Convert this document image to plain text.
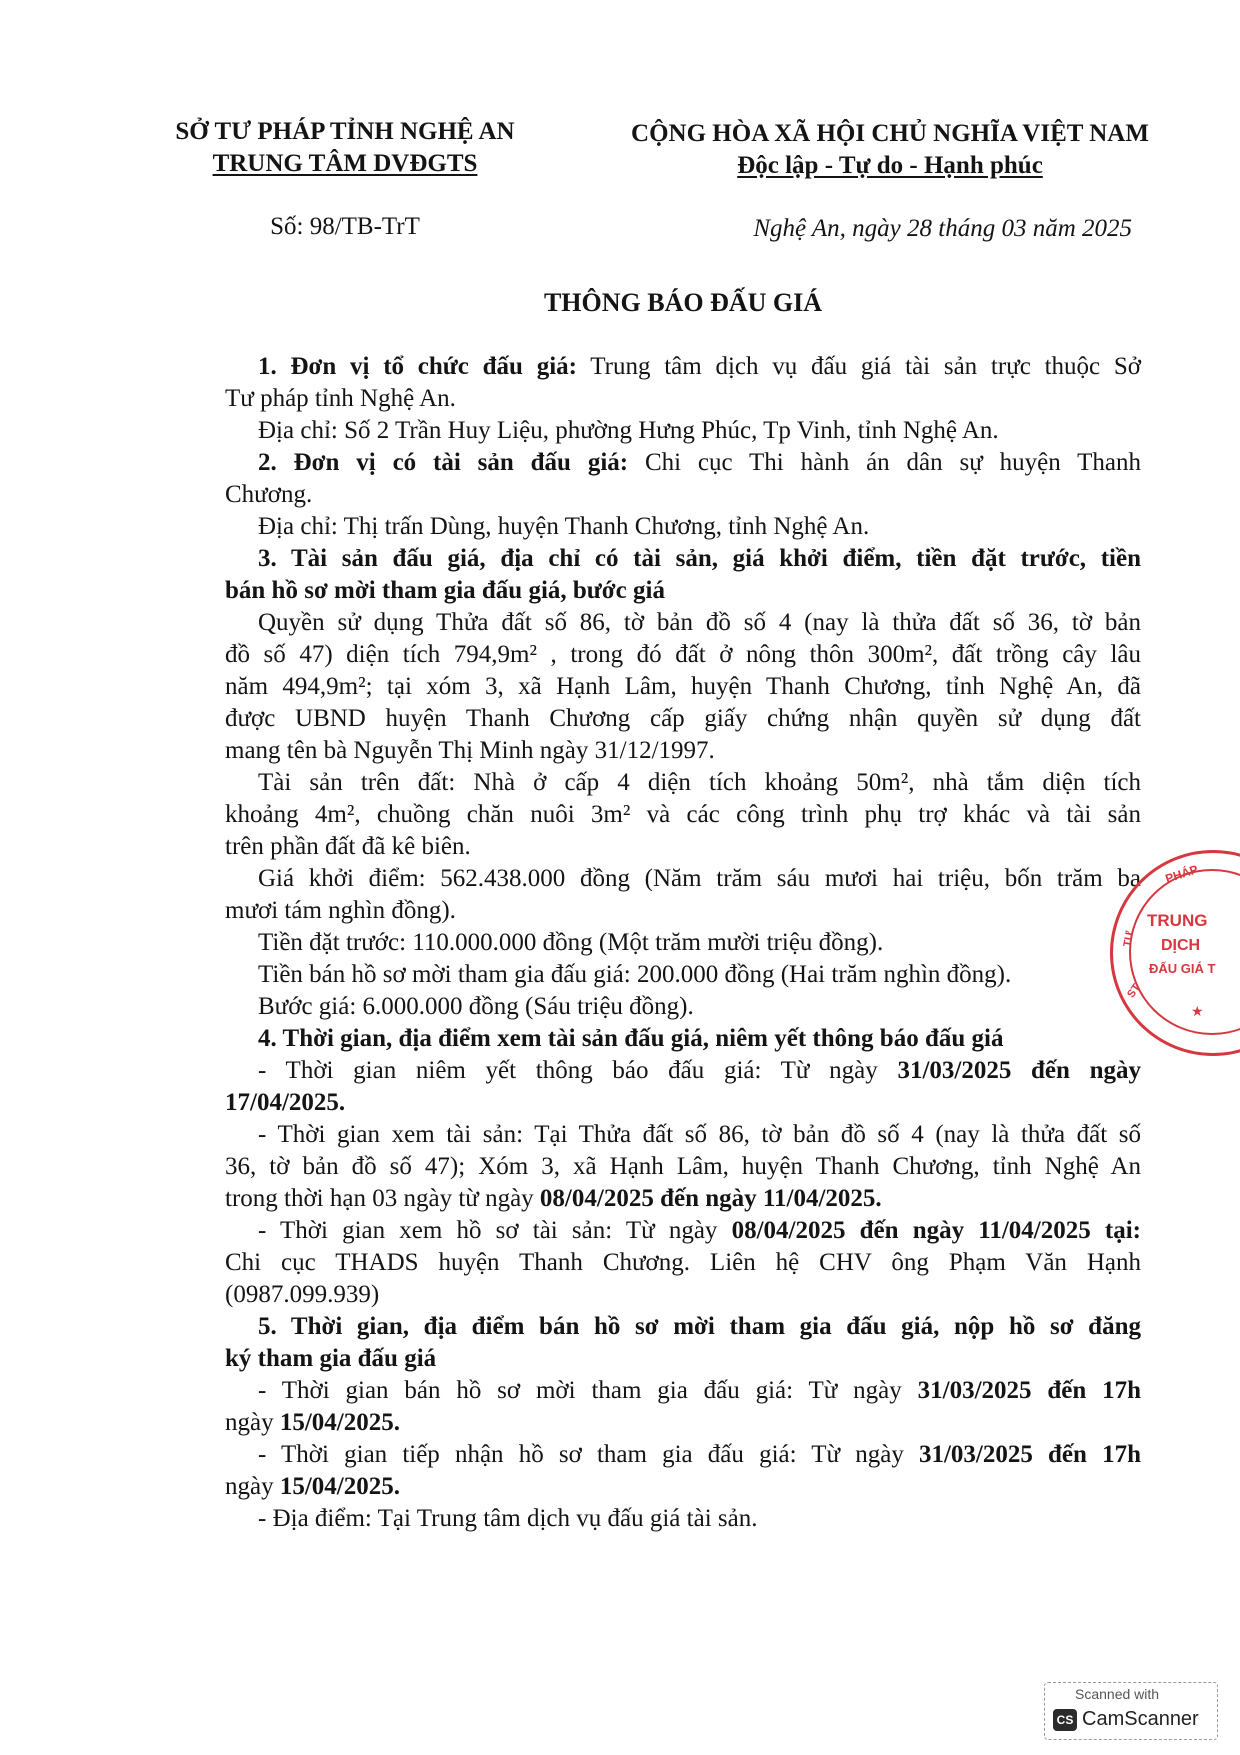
SỞ TƯ PHÁP TỈNH NGHỆ AN
TRUNG TÂM DVĐGTS
Số: 98/TB-TrT
CỘNG HÒA XÃ HỘI CHỦ NGHĨA VIỆT NAM
Độc lập - Tự do - Hạnh phúc
Nghệ An, ngày 28 tháng 03 năm 2025
THÔNG BÁO ĐẤU GIÁ
1. Đơn vị tổ chức đấu giá: Trung tâm dịch vụ đấu giá tài sản trực thuộc Sở
Tư pháp tỉnh Nghệ An.
Địa chỉ: Số 2 Trần Huy Liệu, phường Hưng Phúc, Tp Vinh, tỉnh Nghệ An.
2. Đơn vị có tài sản đấu giá: Chi cục Thi hành án dân sự huyện Thanh
Chương.
Địa chỉ: Thị trấn Dùng, huyện Thanh Chương, tỉnh Nghệ An.
3. Tài sản đấu giá, địa chỉ có tài sản, giá khởi điểm, tiền đặt trước, tiền
bán hồ sơ mời tham gia đấu giá, bước giá
Quyền sử dụng Thửa đất số 86, tờ bản đồ số 4 (nay là thửa đất số 36, tờ bản
đồ số 47) diện tích 794,9m² , trong đó đất ở nông thôn 300m², đất trồng cây lâu
năm 494,9m²; tại xóm 3, xã Hạnh Lâm, huyện Thanh Chương, tỉnh Nghệ An, đã
được UBND huyện Thanh Chương cấp giấy chứng nhận quyền sử dụng đất
mang tên bà Nguyễn Thị Minh ngày 31/12/1997.
Tài sản trên đất: Nhà ở cấp 4 diện tích khoảng 50m², nhà tắm diện tích
khoảng 4m², chuồng chăn nuôi 3m² và các công trình phụ trợ khác và tài sản
trên phần đất đã kê biên.
Giá khởi điểm: 562.438.000 đồng (Năm trăm sáu mươi hai triệu, bốn trăm ba
mươi tám nghìn đồng).
Tiền đặt trước: 110.000.000 đồng (Một trăm mười triệu đồng).
Tiền bán hồ sơ mời tham gia đấu giá: 200.000 đồng (Hai trăm nghìn đồng).
Bước giá: 6.000.000 đồng (Sáu triệu đồng).
4. Thời gian, địa điểm xem tài sản đấu giá, niêm yết thông báo đấu giá
- Thời gian niêm yết thông báo đấu giá: Từ ngày 31/03/2025 đến ngày
17/04/2025.
- Thời gian xem tài sản: Tại Thửa đất số 86, tờ bản đồ số 4 (nay là thửa đất số
36, tờ bản đồ số 47); Xóm 3, xã Hạnh Lâm, huyện Thanh Chương, tỉnh Nghệ An
trong thời hạn 03 ngày từ ngày 08/04/2025 đến ngày 11/04/2025.
- Thời gian xem hồ sơ tài sản: Từ ngày 08/04/2025 đến ngày 11/04/2025 tại:
Chi cục THADS huyện Thanh Chương. Liên hệ CHV ông Phạm Văn Hạnh
(0987.099.939)
5. Thời gian, địa điểm bán hồ sơ mời tham gia đấu giá, nộp hồ sơ đăng
ký tham gia đấu giá
- Thời gian bán hồ sơ mời tham gia đấu giá: Từ ngày 31/03/2025 đến 17h
ngày 15/04/2025.
- Thời gian tiếp nhận hồ sơ tham gia đấu giá: Từ ngày 31/03/2025 đến 17h
ngày 15/04/2025.
- Địa điểm: Tại Trung tâm dịch vụ đấu giá tài sản.
PHÁP
TRUNG
DỊCH
ĐẤU GIÁ T
TƯ
ST
★
Scanned with
CS CamScanner
